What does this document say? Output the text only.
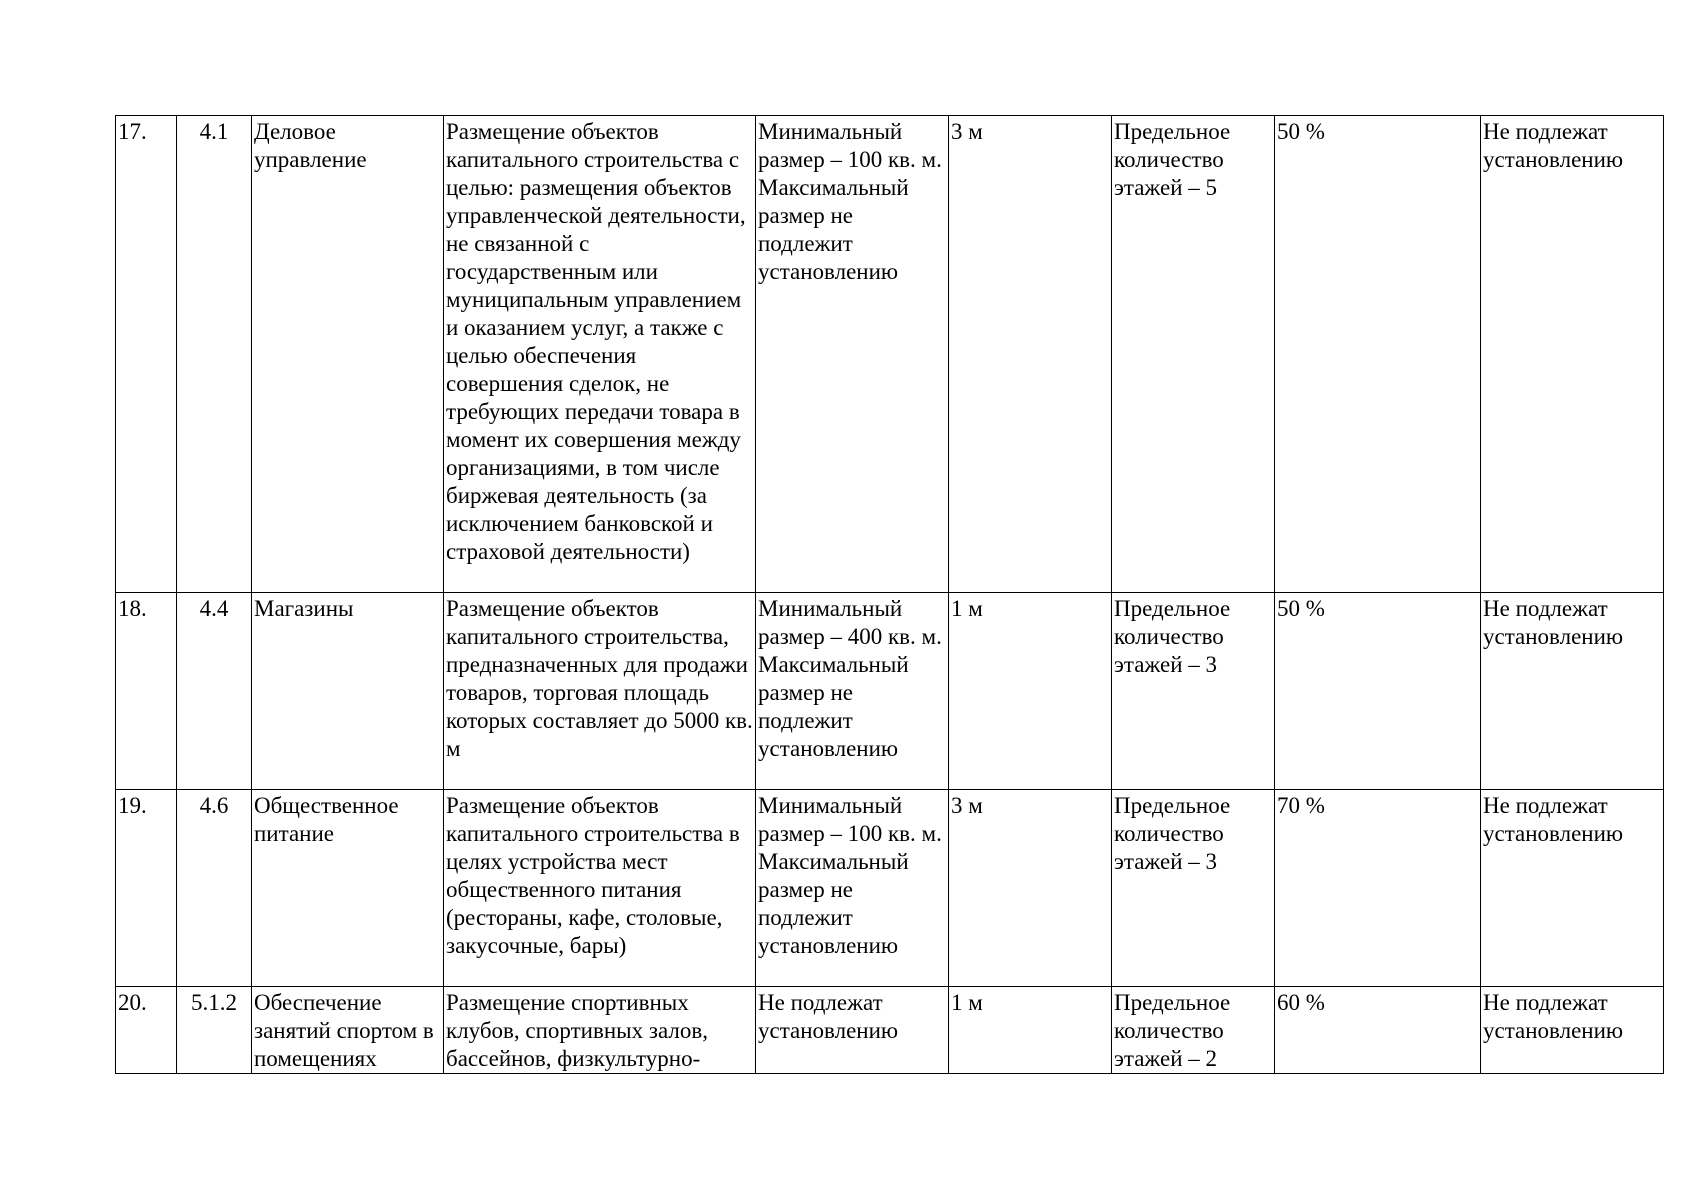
17.	4.1	Деловое управление	Размещение объектов капитального строительства с целью: размещения объектов управленческой деятельности, не связанной с государственным или муниципальным управлением и оказанием услуг, а также с целью обеспечения совершения сделок, не требующих передачи товара в момент их совершения между организациями, в том числе биржевая деятельность (за исключением банковской и страховой деятельности)	Минимальный размер – 100 кв. м. Максимальный размер не подлежит установлению	3 м	Предельное количество этажей – 5	50 %	Не подлежат установлению
18.	4.4	Магазины	Размещение объектов капитального строительства, предназначенных для продажи товаров, торговая площадь которых составляет до 5000 кв. м	Минимальный размер – 400 кв. м. Максимальный размер не подлежит установлению	1 м	Предельное количество этажей – 3	50 %	Не подлежат установлению
19.	4.6	Общественное питание	Размещение объектов капитального строительства в целях устройства мест общественного питания (рестораны, кафе, столовые, закусочные, бары)	Минимальный размер – 100 кв. м. Максимальный размер не подлежит установлению	3 м	Предельное количество этажей – 3	70 %	Не подлежат установлению
20.	5.1.2	Обеспечение занятий спортом в помещениях	Размещение спортивных клубов, спортивных залов, бассейнов, физкультурно-	Не подлежат установлению	1 м	Предельное количество этажей – 2	60 %	Не подлежат установлению
